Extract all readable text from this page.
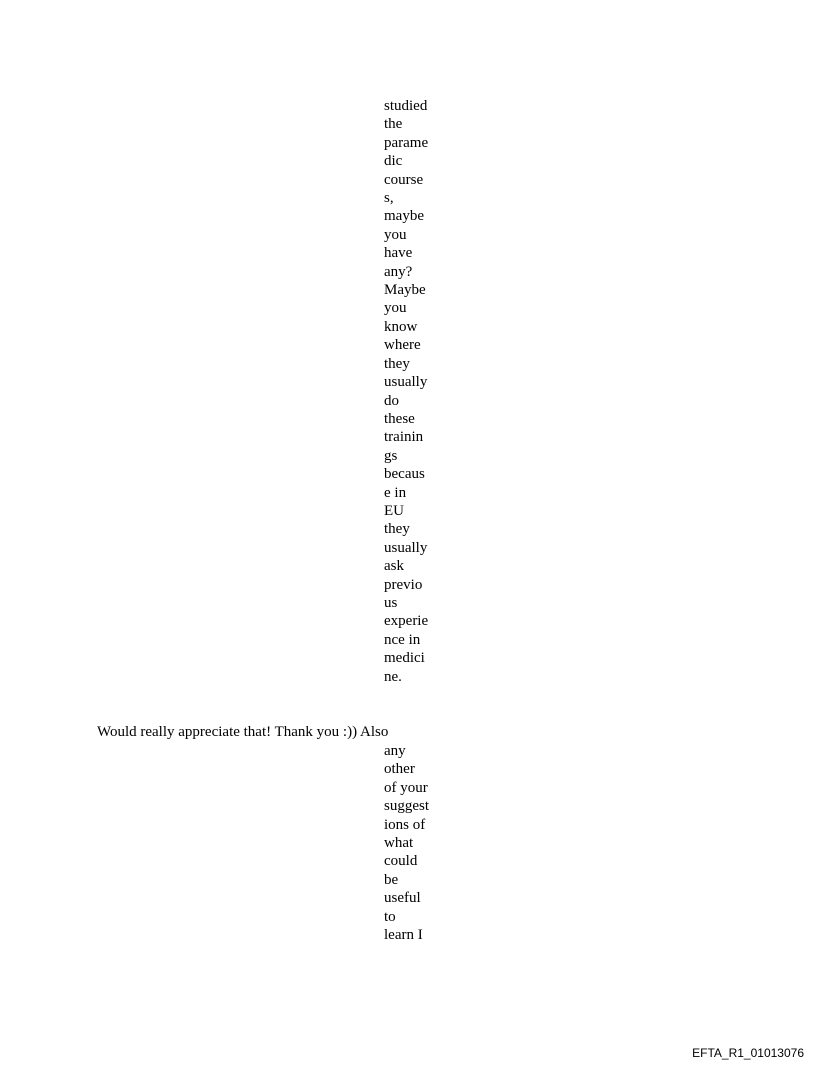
studied
the
parame
dic
course
s,
maybe
you
have
any?
Maybe
you
know
where
they
usually
do
these
trainin
gs
becaus
e in
EU
they
usually
ask
previo
us
experie
nce in
medici
ne.
Would really appreciate that! Thank you :)) Also
any
other
of your
suggest
ions of
what
could
be
useful
to
learn I
EFTA_R1_01013076
